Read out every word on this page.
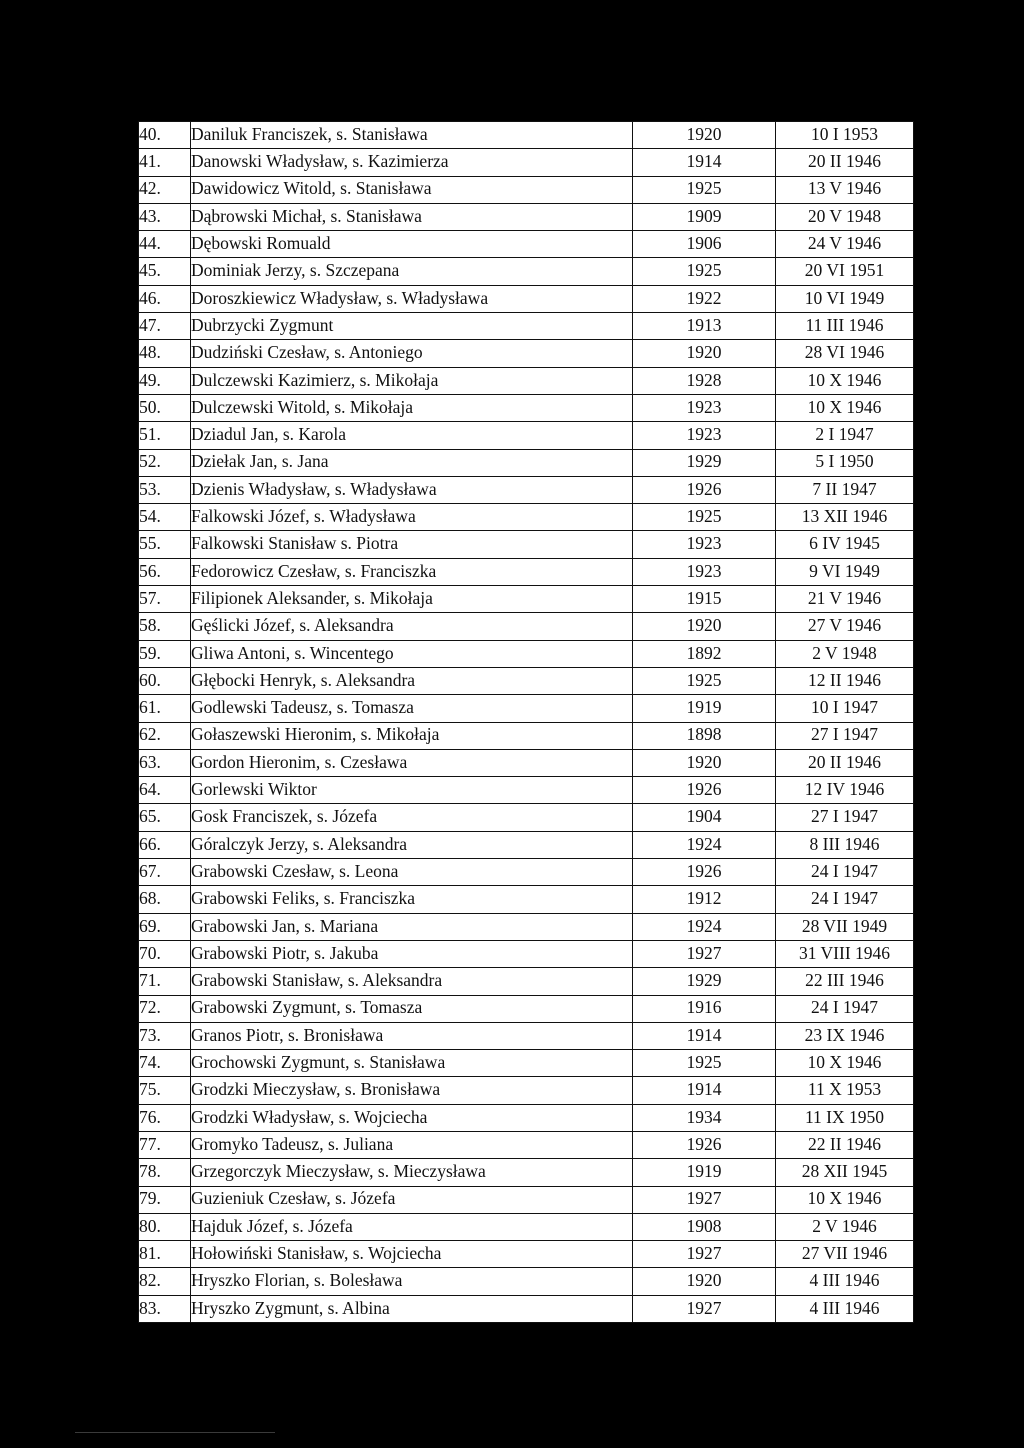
40.	Daniluk Franciszek, s. Stanisława	1920	10 I 1953
41.	Danowski Władysław, s. Kazimierza	1914	20 II 1946
42.	Dawidowicz Witold, s. Stanisława	1925	13 V 1946
43.	Dąbrowski Michał, s. Stanisława	1909	20 V 1948
44.	Dębowski Romuald	1906	24 V 1946
45.	Dominiak Jerzy, s. Szczepana	1925	20 VI 1951
46.	Doroszkiewicz Władysław, s. Władysława	1922	10 VI 1949
47.	Dubrzycki Zygmunt	1913	11 III 1946
48.	Dudziński Czesław, s. Antoniego	1920	28 VI 1946
49.	Dulczewski Kazimierz, s. Mikołaja	1928	10 X 1946
50.	Dulczewski Witold, s. Mikołaja	1923	10 X 1946
51.	Dziadul Jan, s. Karola	1923	2 I 1947
52.	Dziełak Jan, s. Jana	1929	5 I 1950
53.	Dzienis Władysław, s. Władysława	1926	7 II 1947
54.	Falkowski Józef, s. Władysława	1925	13 XII 1946
55.	Falkowski Stanisław s. Piotra	1923	6 IV 1945
56.	Fedorowicz Czesław, s. Franciszka	1923	9 VI 1949
57.	Filipionek Aleksander, s. Mikołaja	1915	21 V 1946
58.	Gęślicki Józef, s. Aleksandra	1920	27 V 1946
59.	Gliwa Antoni, s. Wincentego	1892	2 V 1948
60.	Głębocki Henryk, s. Aleksandra	1925	12 II 1946
61.	Godlewski Tadeusz, s. Tomasza	1919	10 I 1947
62.	Gołaszewski Hieronim, s. Mikołaja	1898	27 I 1947
63.	Gordon Hieronim, s. Czesława	1920	20 II 1946
64.	Gorlewski Wiktor	1926	12 IV 1946
65.	Gosk Franciszek, s. Józefa	1904	27 I 1947
66.	Góralczyk Jerzy, s. Aleksandra	1924	8 III 1946
67.	Grabowski Czesław, s. Leona	1926	24 I 1947
68.	Grabowski Feliks, s. Franciszka	1912	24 I 1947
69.	Grabowski Jan, s. Mariana	1924	28 VII 1949
70.	Grabowski Piotr, s. Jakuba	1927	31 VIII 1946
71.	Grabowski Stanisław, s. Aleksandra	1929	22 III 1946
72.	Grabowski Zygmunt, s. Tomasza	1916	24 I 1947
73.	Granos Piotr, s. Bronisława	1914	23 IX 1946
74.	Grochowski Zygmunt, s. Stanisława	1925	10 X 1946
75.	Grodzki Mieczysław, s. Bronisława	1914	11 X 1953
76.	Grodzki Władysław, s. Wojciecha	1934	11 IX 1950
77.	Gromyko Tadeusz, s. Juliana	1926	22 II 1946
78.	Grzegorczyk Mieczysław, s. Mieczysława	1919	28 XII 1945
79.	Guzieniuk Czesław, s. Józefa	1927	10 X 1946
80.	Hajduk Józef, s. Józefa	1908	2 V 1946
81.	Hołowiński Stanisław, s. Wojciecha	1927	27 VII 1946
82.	Hryszko Florian, s. Bolesława	1920	4 III 1946
83.	Hryszko Zygmunt, s. Albina	1927	4 III 1946
